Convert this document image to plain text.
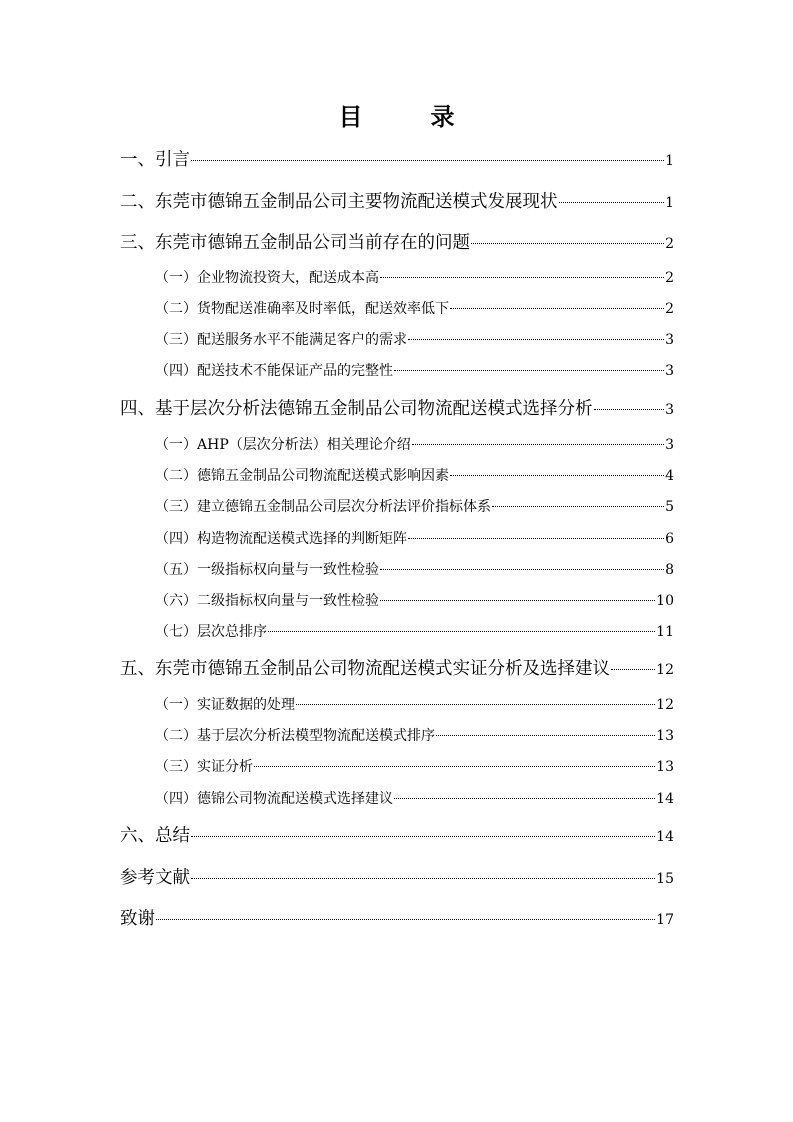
目　录
一、引言	1
二、东莞市德锦五金制品公司主要物流配送模式发展现状	1
三、东莞市德锦五金制品公司当前存在的问题	2
（一）企业物流投资大，配送成本高	2
（二）货物配送准确率及时率低，配送效率低下	2
（三）配送服务水平不能满足客户的需求	3
（四）配送技术不能保证产品的完整性	3
四、基于层次分析法德锦五金制品公司物流配送模式选择分析	3
（一）AHP（层次分析法）相关理论介绍	3
（二）德锦五金制品公司物流配送模式影响因素	4
（三）建立德锦五金制品公司层次分析法评价指标体系	5
（四）构造物流配送模式选择的判断矩阵	6
（五）一级指标权向量与一致性检验	8
（六）二级指标权向量与一致性检验	10
（七）层次总排序	11
五、东莞市德锦五金制品公司物流配送模式实证分析及选择建议	12
（一）实证数据的处理	12
（二）基于层次分析法模型物流配送模式排序	13
（三）实证分析	13
（四）德锦公司物流配送模式选择建议	14
六、总结	14
参考文献	15
致谢	17
